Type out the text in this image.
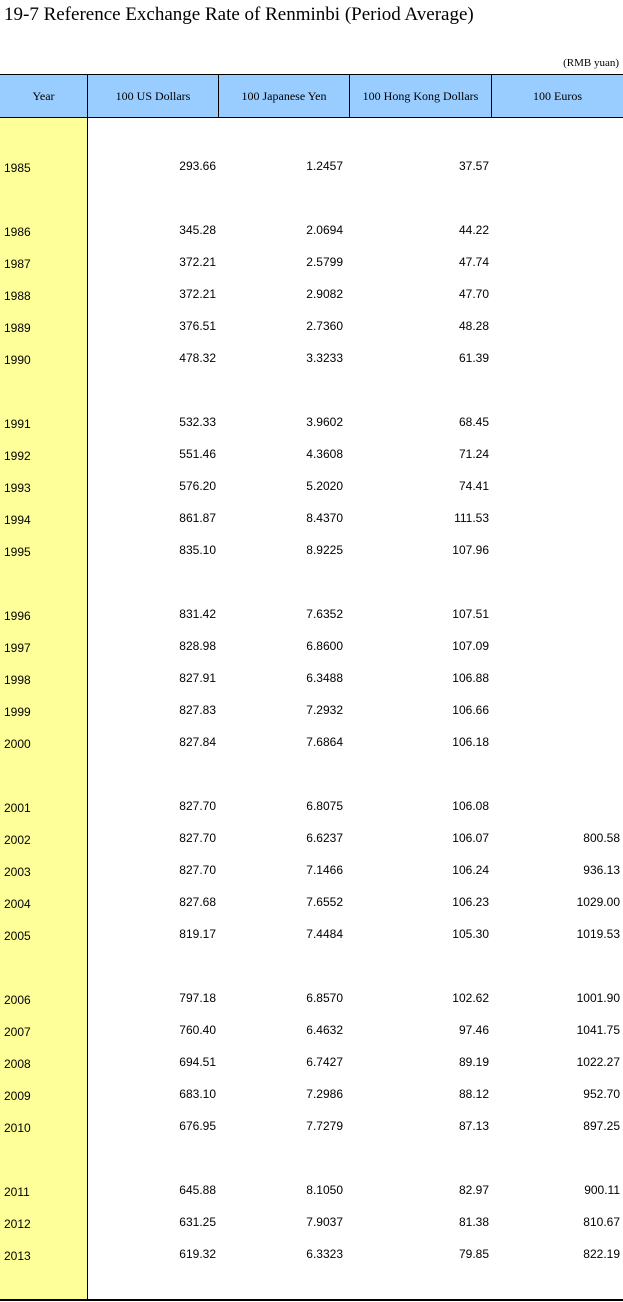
19-7 Reference Exchange Rate of Renminbi (Period Average)
(RMB yuan)
Year	100 US Dollars	100 Japanese Yen	100 Hong Kong Dollars	100 Euros
1985	293.66	1.2457	37.57
1986	345.28	2.0694	44.22
1987	372.21	2.5799	47.74
1988	372.21	2.9082	47.70
1989	376.51	2.7360	48.28
1990	478.32	3.3233	61.39
1991	532.33	3.9602	68.45
1992	551.46	4.3608	71.24
1993	576.20	5.2020	74.41
1994	861.87	8.4370	111.53
1995	835.10	8.9225	107.96
1996	831.42	7.6352	107.51
1997	828.98	6.8600	107.09
1998	827.91	6.3488	106.88
1999	827.83	7.2932	106.66
2000	827.84	7.6864	106.18
2001	827.70	6.8075	106.08
2002	827.70	6.6237	106.07	800.58
2003	827.70	7.1466	106.24	936.13
2004	827.68	7.6552	106.23	1029.00
2005	819.17	7.4484	105.30	1019.53
2006	797.18	6.8570	102.62	1001.90
2007	760.40	6.4632	97.46	1041.75
2008	694.51	6.7427	89.19	1022.27
2009	683.10	7.2986	88.12	952.70
2010	676.95	7.7279	87.13	897.25
2011	645.88	8.1050	82.97	900.11
2012	631.25	7.9037	81.38	810.67
2013	619.32	6.3323	79.85	822.19
